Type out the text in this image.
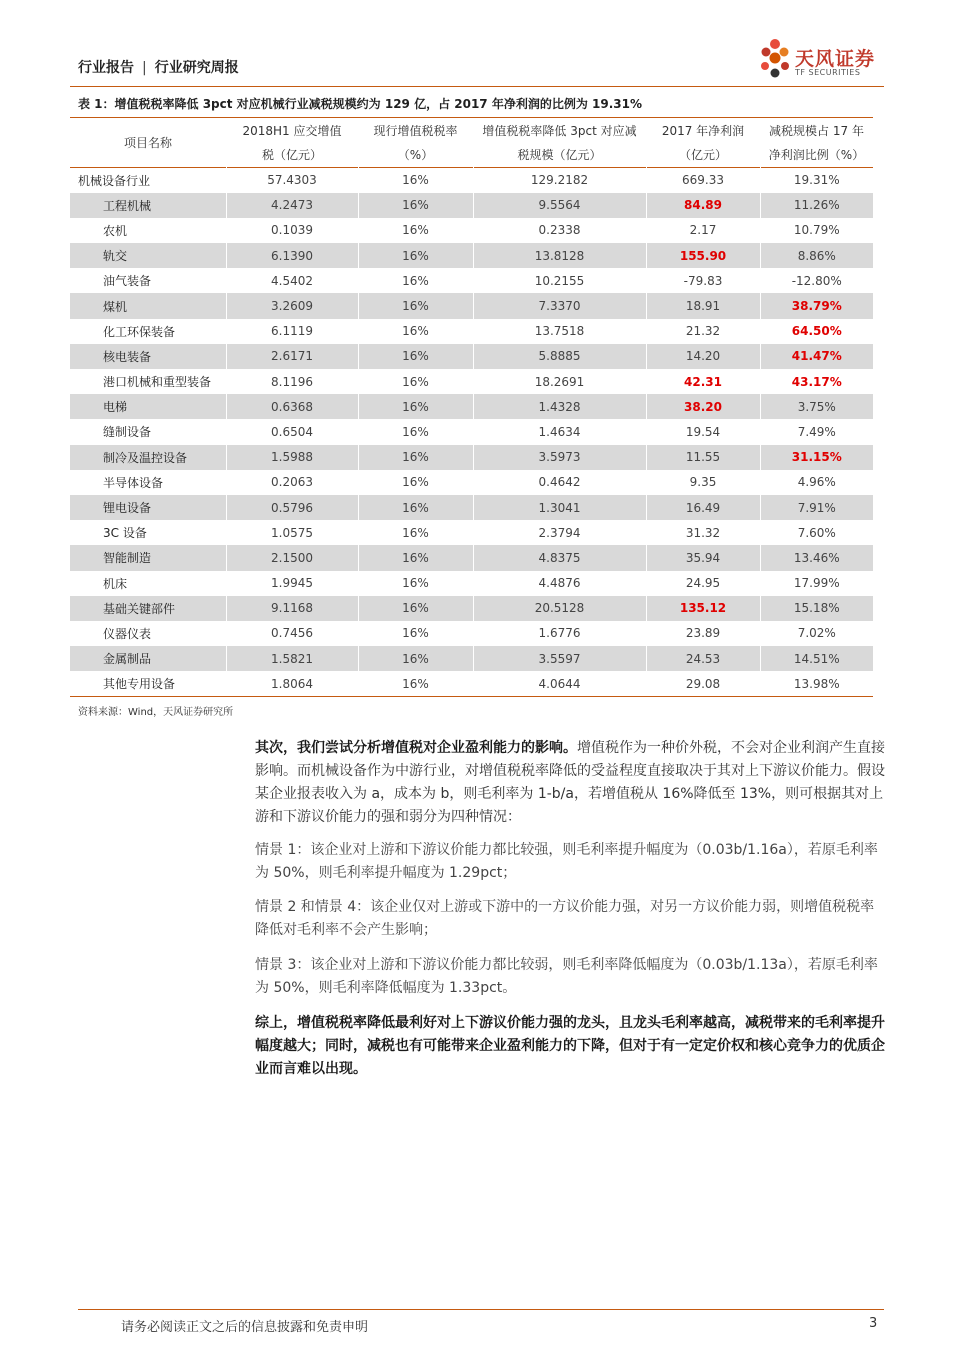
行业报告 | 行业研究周报	天风证券
TF SECURITIES
表 1：增值税税率降低 3pct 对应机械行业减税规模约为 129 亿，占 2017 年净利润的比例为 19.31%
项目名称	2018H1 应交增值税（亿元）	现行增值税税率（%）	增值税税率降低 3pct 对应减税规模（亿元）	2017 年净利润（亿元）	减税规模占 17 年净利润比例（%）

机械设备行业	57.4303	16%	129.2182	669.33	19.31%
工程机械	4.2473	16%	9.5564	84.89	11.26%
农机	0.1039	16%	0.2338	2.17	10.79%
轨交	6.1390	16%	13.8128	155.90	8.86%
油气装备	4.5402	16%	10.2155	-79.83	-12.80%
煤机	3.2609	16%	7.3370	18.91	38.79%
化工环保装备	6.1119	16%	13.7518	21.32	64.50%
核电装备	2.6171	16%	5.8885	14.20	41.47%
港口机械和重型装备	8.1196	16%	18.2691	42.31	43.17%
电梯	0.6368	16%	1.4328	38.20	3.75%
缝制设备	0.6504	16%	1.4634	19.54	7.49%
制冷及温控设备	1.5988	16%	3.5973	11.55	31.15%
半导体设备	0.2063	16%	0.4642	9.35	4.96%
锂电设备	0.5796	16%	1.3041	16.49	7.91%
3C 设备	1.0575	16%	2.3794	31.32	7.60%
智能制造	2.1500	16%	4.8375	35.94	13.46%
机床	1.9945	16%	4.4876	24.95	17.99%
基础关键部件	9.1168	16%	20.5128	135.12	15.18%
仪器仪表	0.7456	16%	1.6776	23.89	7.02%
金属制品	1.5821	16%	3.5597	24.53	14.51%
其他专用设备	1.8064	16%	4.0644	29.08	13.98%
资料来源：Wind，天风证券研究所
其次，我们尝试分析增值税对企业盈利能力的影响。增值税作为一种价外税，不会对企业利润产生直接影响。而机械设备作为中游行业，对增值税税率降低的受益程度直接取决于其对上下游议价能力。假设某企业报表收入为 a，成本为 b，则毛利率为 1-b/a，若增值税从 16%降低至 13%，则可根据其对上游和下游议价能力的强和弱分为四种情况：
情景 1：该企业对上游和下游议价能力都比较强，则毛利率提升幅度为（0.03b/1.16a），若原毛利率为 50%，则毛利率提升幅度为 1.29pct；
情景 2 和情景 4：该企业仅对上游或下游中的一方议价能力强，对另一方议价能力弱，则增值税税率降低对毛利率不会产生影响；
情景 3：该企业对上游和下游议价能力都比较弱，则毛利率降低幅度为（0.03b/1.13a），若原毛利率为 50%，则毛利率降低幅度为 1.33pct。
综上，增值税税率降低最利好对上下游议价能力强的龙头，且龙头毛利率越高，减税带来的毛利率提升幅度越大；同时，减税也有可能带来企业盈利能力的下降，但对于有一定定价权和核心竞争力的优质企业而言难以出现。
请务必阅读正文之后的信息披露和免责申明	3
